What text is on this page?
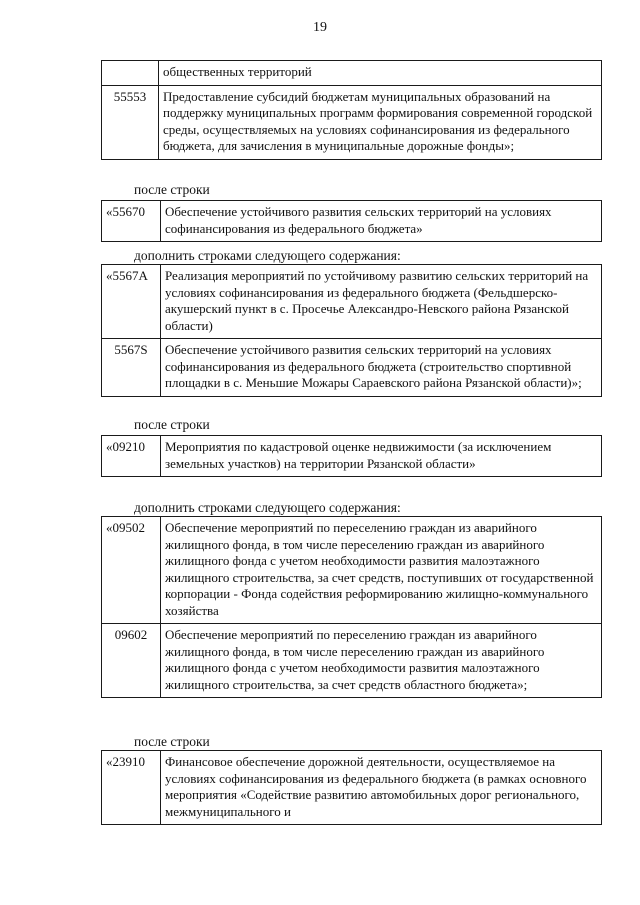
19
	общественных территорий
55553	Предоставление субсидий бюджетам муниципальных образований на поддержку муниципальных программ формирования современной городской среды, осуществляемых на условиях софинансирования из федерального бюджета, для зачисления в муниципальные дорожные фонды»;
после строки
«55670	Обеспечение устойчивого развития сельских территорий на условиях софинансирования из федерального бюджета»
дополнить строками следующего содержания:
«5567A	Реализация мероприятий по устойчивому развитию сельских территорий на условиях софинансирования из федерального бюджета (Фельдшерско-акушерский пункт в с. Просечье Александро-Невского района Рязанской области)
5567S	Обеспечение устойчивого развития сельских территорий на условиях софинансирования из федерального бюджета (строительство спортивной площадки в с. Меньшие Можары Сараевского района Рязанской области)»;
после строки
«09210	Мероприятия по кадастровой оценке недвижимости (за исключением земельных участков) на территории Рязанской области»
дополнить строками следующего содержания:
«09502	Обеспечение мероприятий по переселению граждан из аварийного жилищного фонда, в том числе переселению граждан из аварийного жилищного фонда с учетом необходимости развития малоэтажного жилищного строительства, за счет средств, поступивших от государственной корпорации - Фонда содействия реформированию жилищно-коммунального хозяйства
09602	Обеспечение мероприятий по переселению граждан из аварийного жилищного фонда, в том числе переселению граждан из аварийного жилищного фонда с учетом необходимости развития малоэтажного жилищного строительства, за счет средств областного бюджета»;
после строки
«23910	Финансовое обеспечение дорожной деятельности, осуществляемое на условиях софинансирования из федерального бюджета (в рамках основного мероприятия «Содействие развитию автомобильных дорог регионального, межмуниципального и
